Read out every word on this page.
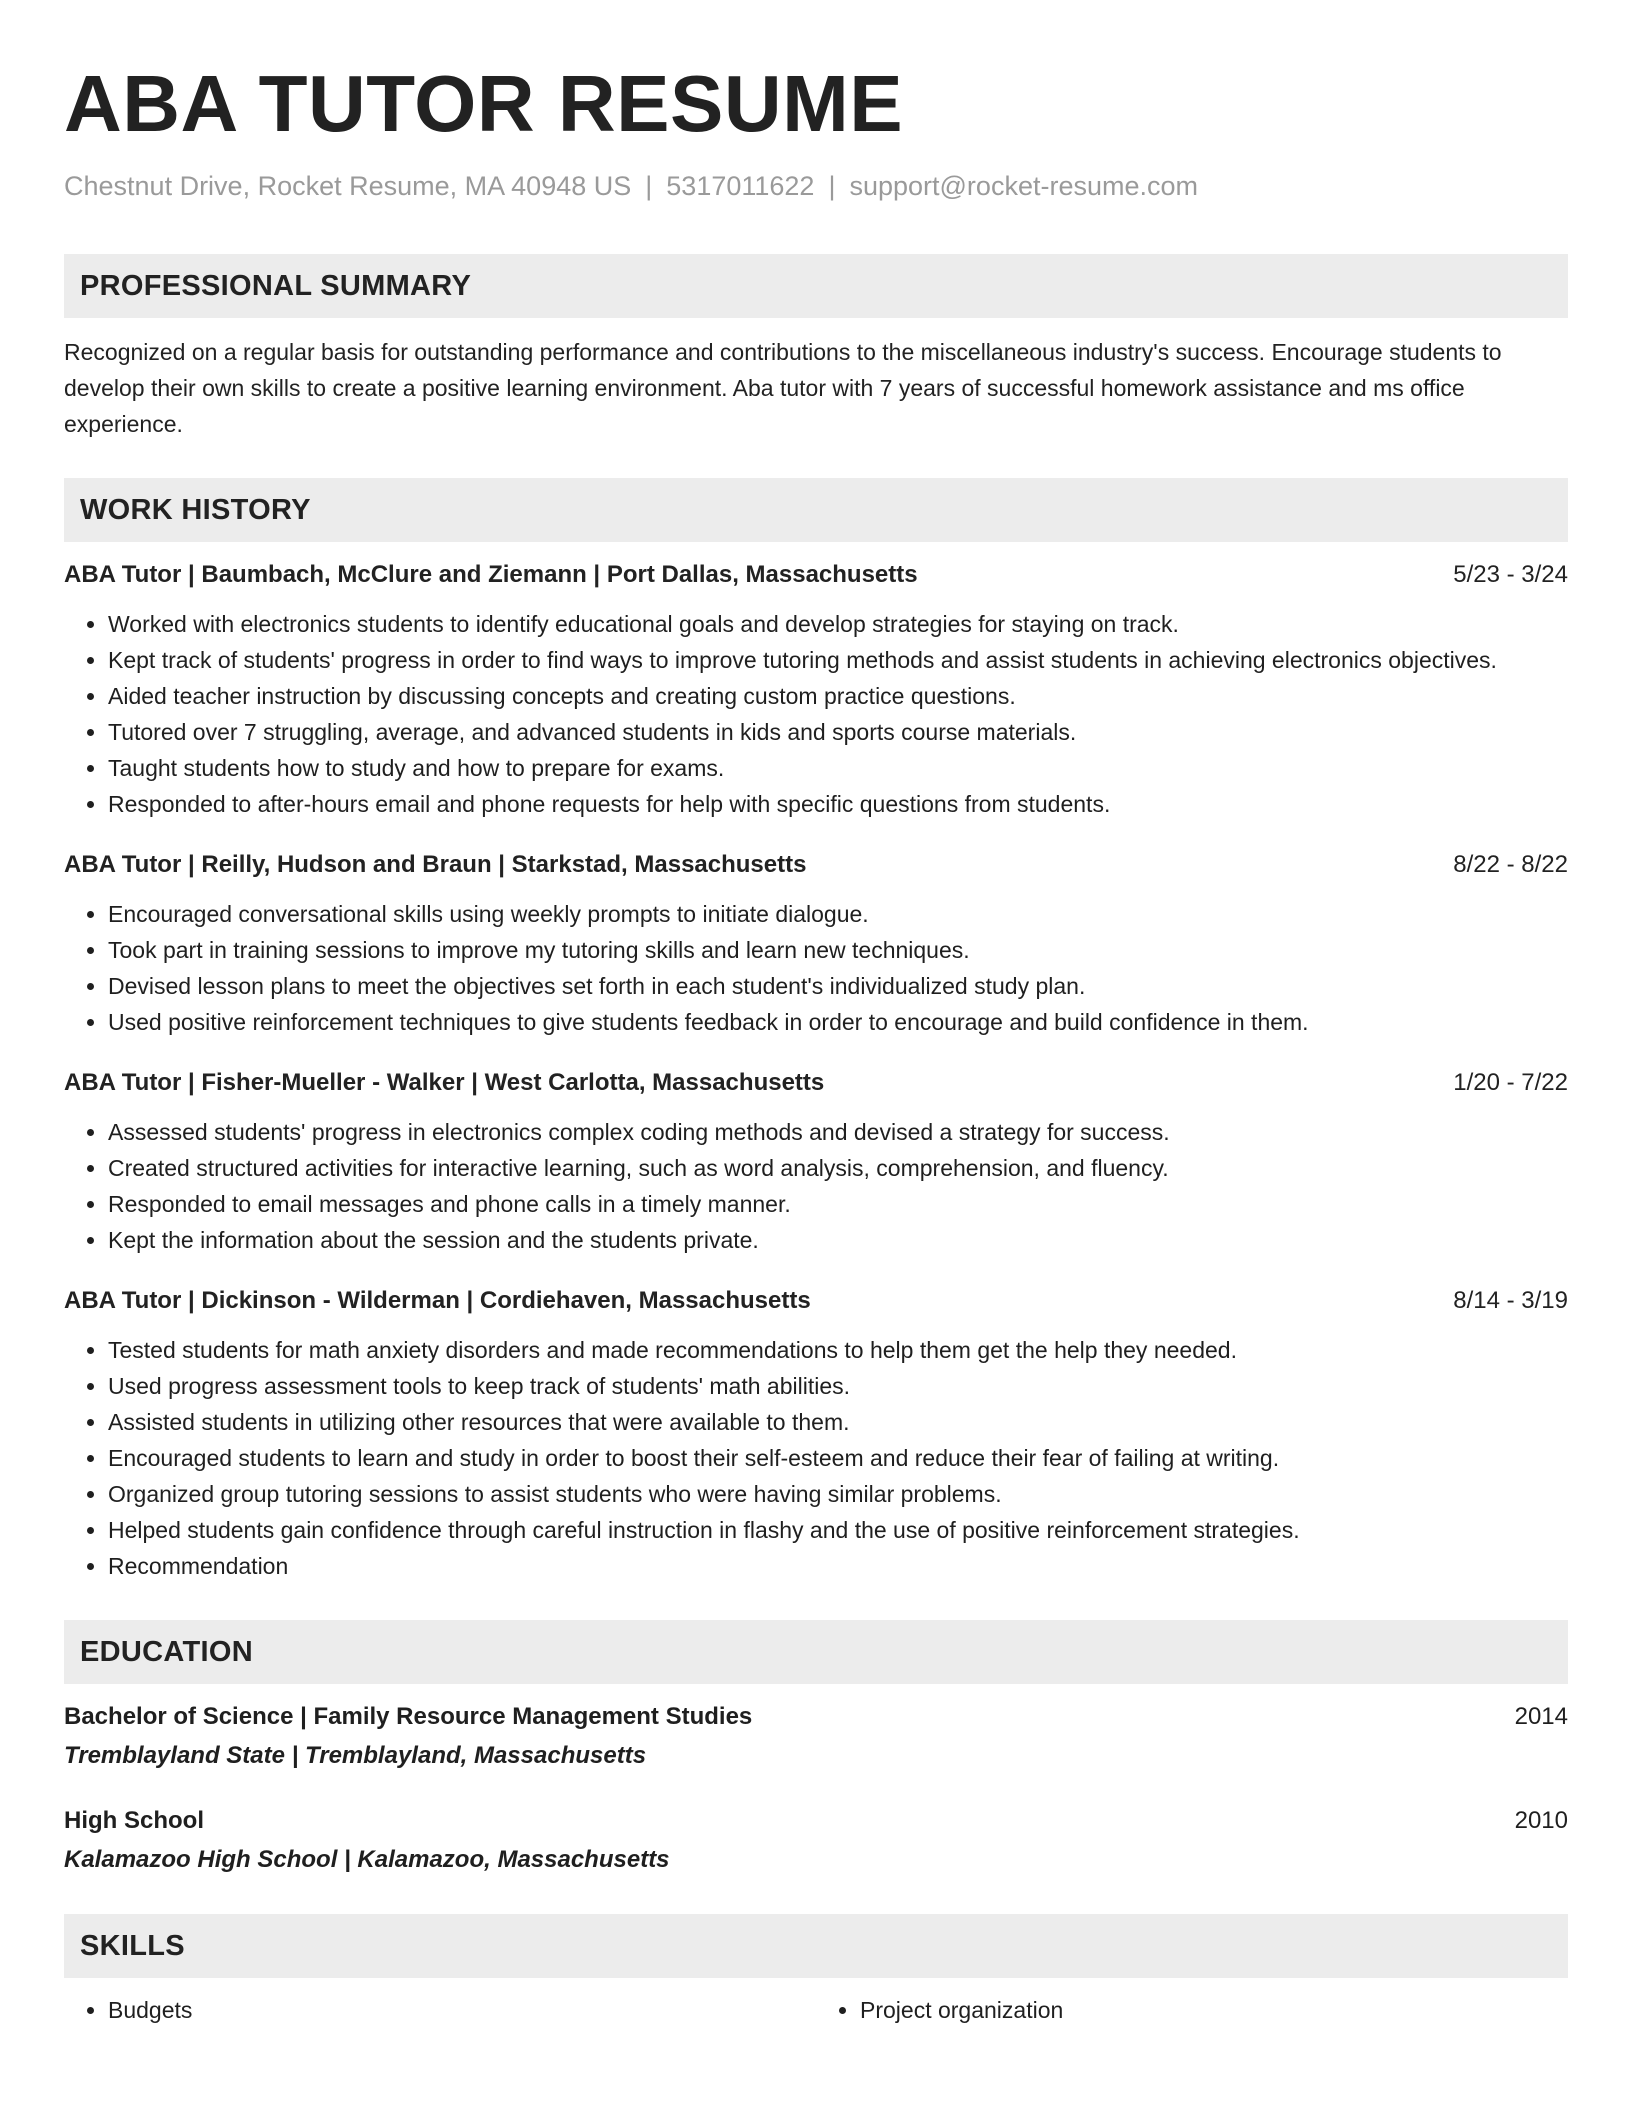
ABA TUTOR RESUME
Chestnut Drive, Rocket Resume, MA 40948 US | 5317011622 | support@rocket-resume.com
PROFESSIONAL SUMMARY
Recognized on a regular basis for outstanding performance and contributions to the miscellaneous industry's success. Encourage students to develop their own skills to create a positive learning environment. Aba tutor with 7 years of successful homework assistance and ms office experience.
WORK HISTORY
ABA Tutor | Baumbach, McClure and Ziemann | Port Dallas, Massachusetts	5/23 - 3/24
• Worked with electronics students to identify educational goals and develop strategies for staying on track.
• Kept track of students' progress in order to find ways to improve tutoring methods and assist students in achieving electronics objectives.
• Aided teacher instruction by discussing concepts and creating custom practice questions.
• Tutored over 7 struggling, average, and advanced students in kids and sports course materials.
• Taught students how to study and how to prepare for exams.
• Responded to after-hours email and phone requests for help with specific questions from students.
ABA Tutor | Reilly, Hudson and Braun | Starkstad, Massachusetts	8/22 - 8/22
• Encouraged conversational skills using weekly prompts to initiate dialogue.
• Took part in training sessions to improve my tutoring skills and learn new techniques.
• Devised lesson plans to meet the objectives set forth in each student's individualized study plan.
• Used positive reinforcement techniques to give students feedback in order to encourage and build confidence in them.
ABA Tutor | Fisher-Mueller - Walker | West Carlotta, Massachusetts	1/20 - 7/22
• Assessed students' progress in electronics complex coding methods and devised a strategy for success.
• Created structured activities for interactive learning, such as word analysis, comprehension, and fluency.
• Responded to email messages and phone calls in a timely manner.
• Kept the information about the session and the students private.
ABA Tutor | Dickinson - Wilderman | Cordiehaven, Massachusetts	8/14 - 3/19
• Tested students for math anxiety disorders and made recommendations to help them get the help they needed.
• Used progress assessment tools to keep track of students' math abilities.
• Assisted students in utilizing other resources that were available to them.
• Encouraged students to learn and study in order to boost their self-esteem and reduce their fear of failing at writing.
• Organized group tutoring sessions to assist students who were having similar problems.
• Helped students gain confidence through careful instruction in flashy and the use of positive reinforcement strategies.
• Recommendation
EDUCATION
Bachelor of Science | Family Resource Management Studies	2014
Tremblayland State | Tremblayland, Massachusetts
High School	2010
Kalamazoo High School | Kalamazoo, Massachusetts
SKILLS
• Budgets
•	Project organization
